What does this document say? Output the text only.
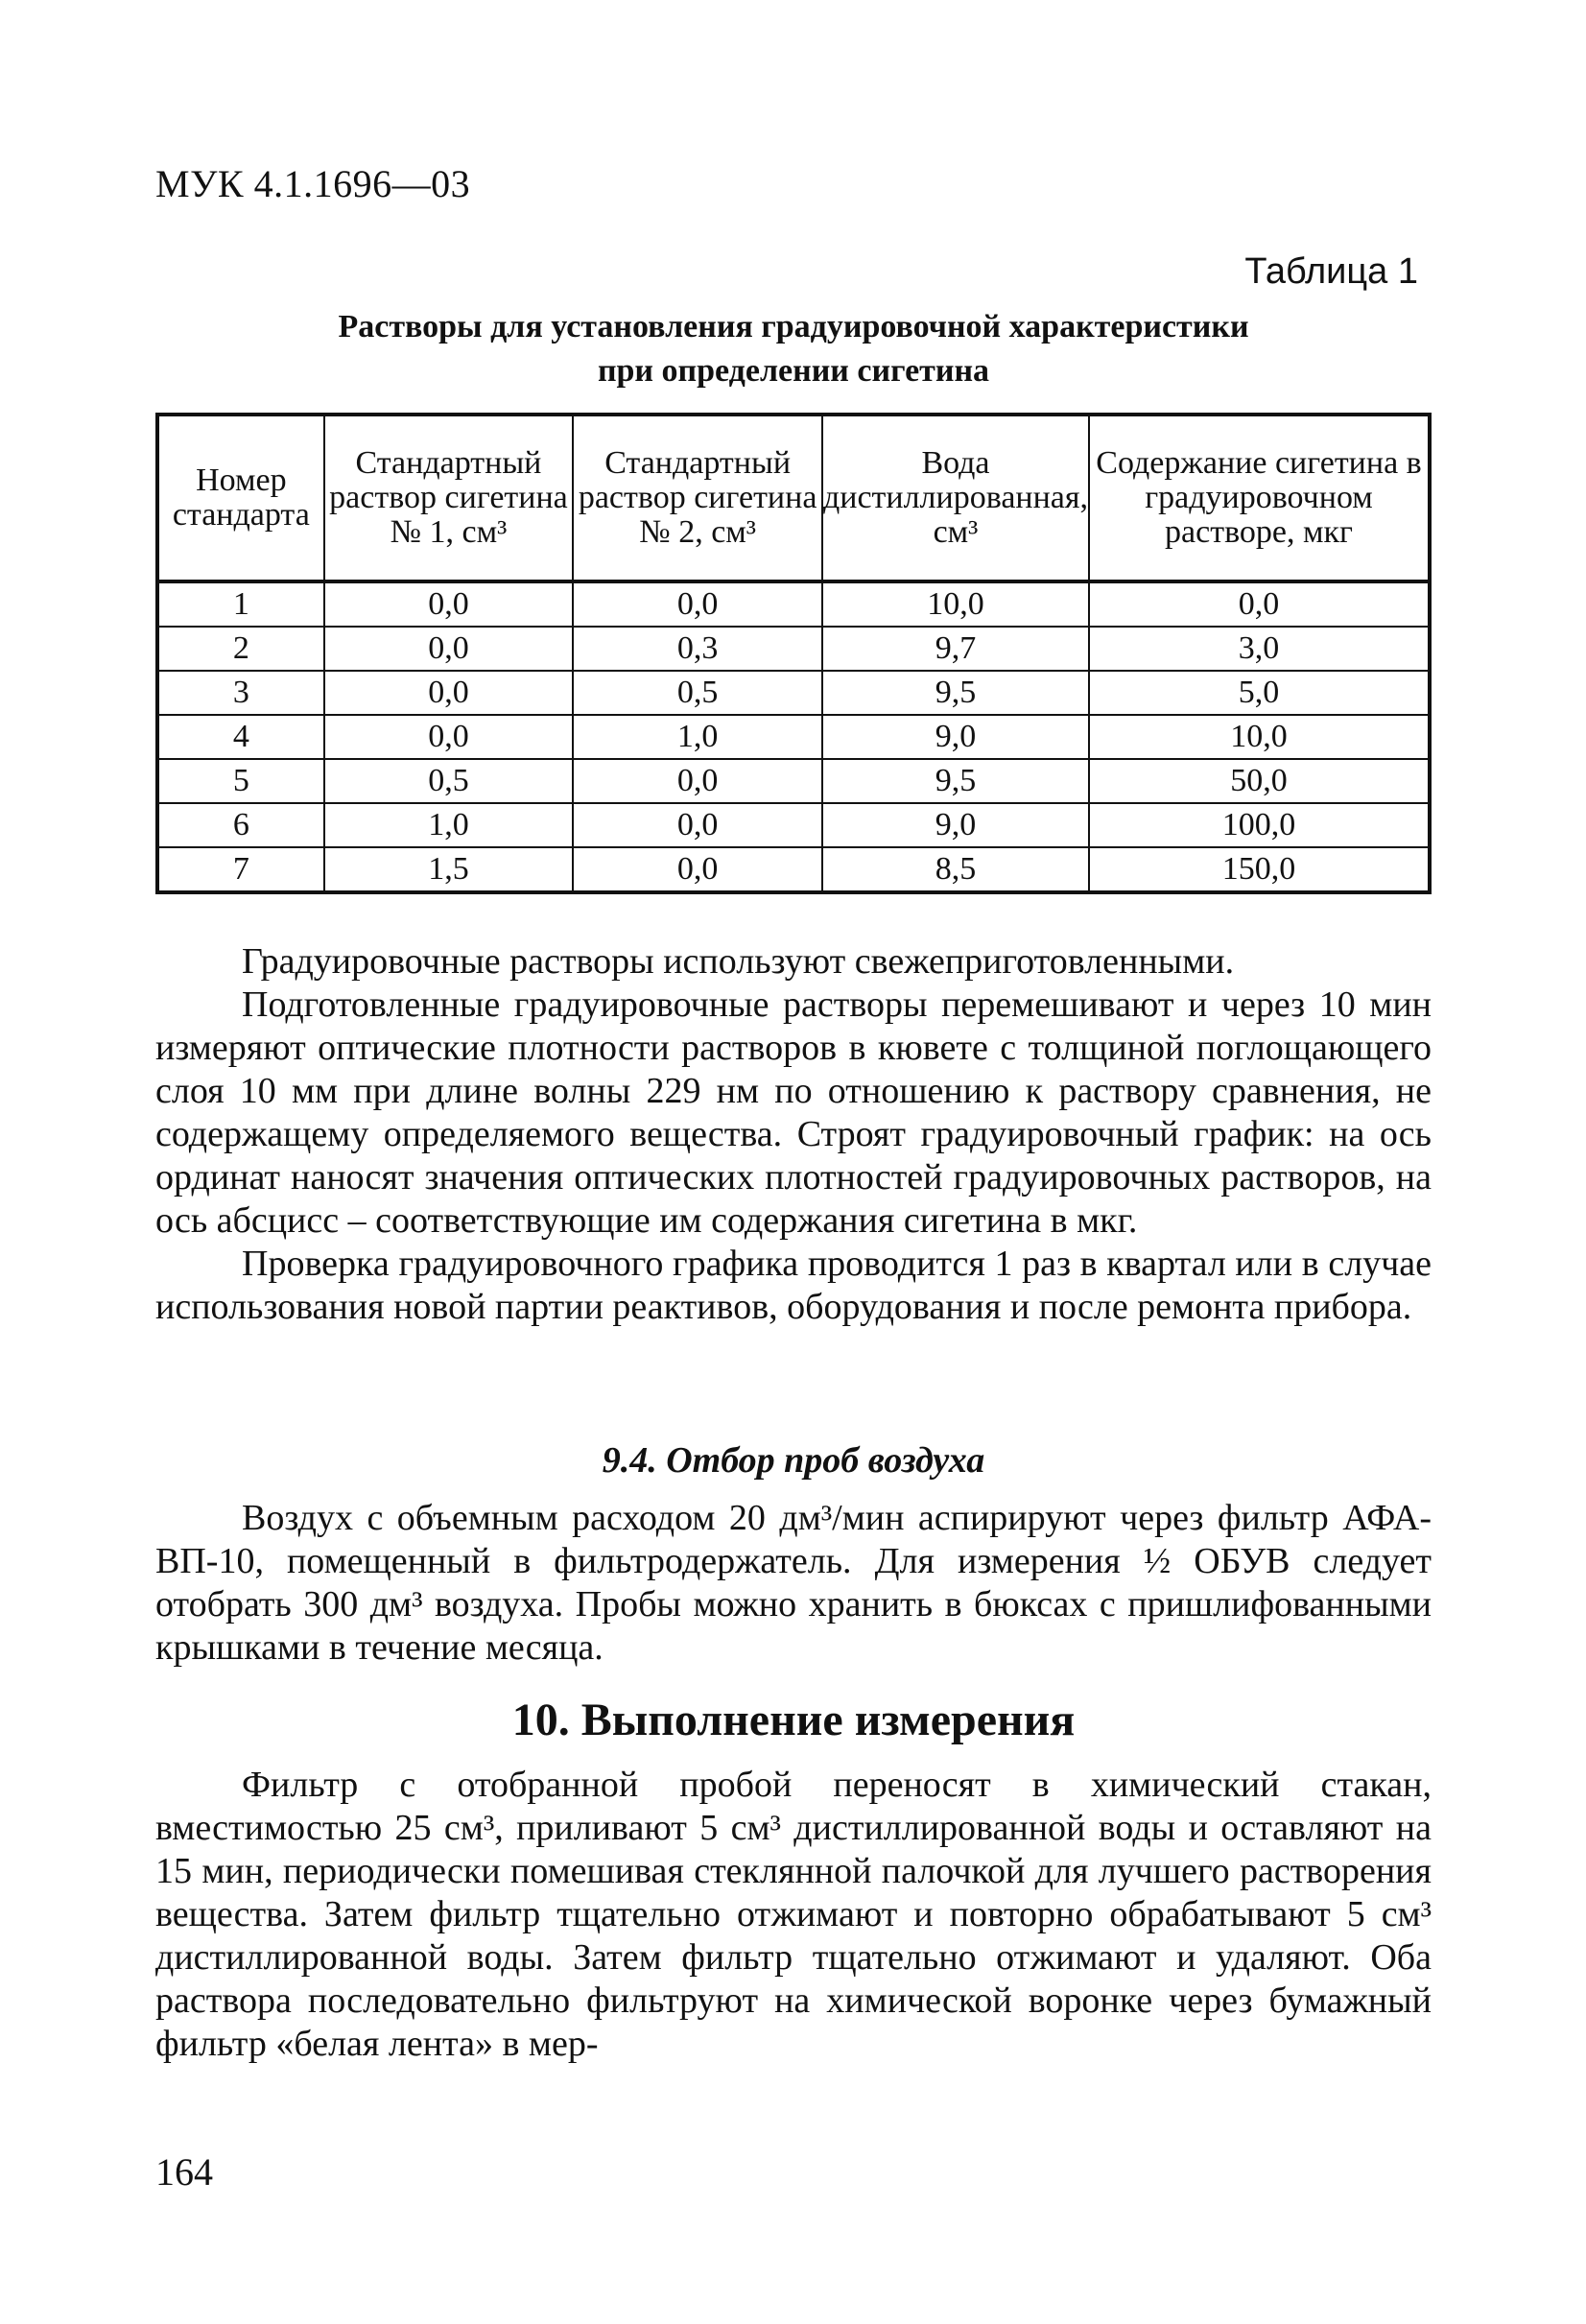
МУК 4.1.1696—03
Таблица 1
Растворы для установления градуировочной характеристики
при определении сигетина
Номер стандарта	Стандартный раствор сигетина № 1, см³	Стандартный раствор сигетина № 2, см³	Вода дистиллированная, см³	Содержание сигетина в градуировочном растворе, мкг
1	0,0	0,0	10,0	0,0
2	0,0	0,3	9,7	3,0
3	0,0	0,5	9,5	5,0
4	0,0	1,0	9,0	10,0
5	0,5	0,0	9,5	50,0
6	1,0	0,0	9,0	100,0
7	1,5	0,0	8,5	150,0

Градуировочные растворы используют свежеприготовленными.

Подготовленные градуировочные растворы перемешивают и через 10 мин измеряют оптические плотности растворов в кювете с толщиной поглощающего слоя 10 мм при длине волны 229 нм по отношению к раствору сравнения, не содержащему определяемого вещества. Строят градуировочный график: на ось ординат наносят значения оптических плотностей градуировочных растворов, на ось абсцисс – соответствующие им содержания сигетина в мкг.

Проверка градуировочного графика проводится 1 раз в квартал или в случае использования новой партии реактивов, оборудования и после ремонта прибора.

9.4. Отбор проб воздуха

Воздух с объемным расходом 20 дм³/мин аспирируют через фильтр АФА-ВП-10, помещенный в фильтродержатель. Для измерения ½ ОБУВ следует отобрать 300 дм³ воздуха. Пробы можно хранить в бюксах с пришлифованными крышками в течение месяца.

10. Выполнение измерения

Фильтр с отобранной пробой переносят в химический стакан, вместимостью 25 см³, приливают 5 см³ дистиллированной воды и оставляют на 15 мин, периодически помешивая стеклянной палочкой для лучшего растворения вещества. Затем фильтр тщательно отжимают и повторно обрабатывают 5 см³ дистиллированной воды. Затем фильтр тщательно отжимают и удаляют. Оба раствора последовательно фильтруют на химической воронке через бумажный фильтр «белая лента» в мер-

164
